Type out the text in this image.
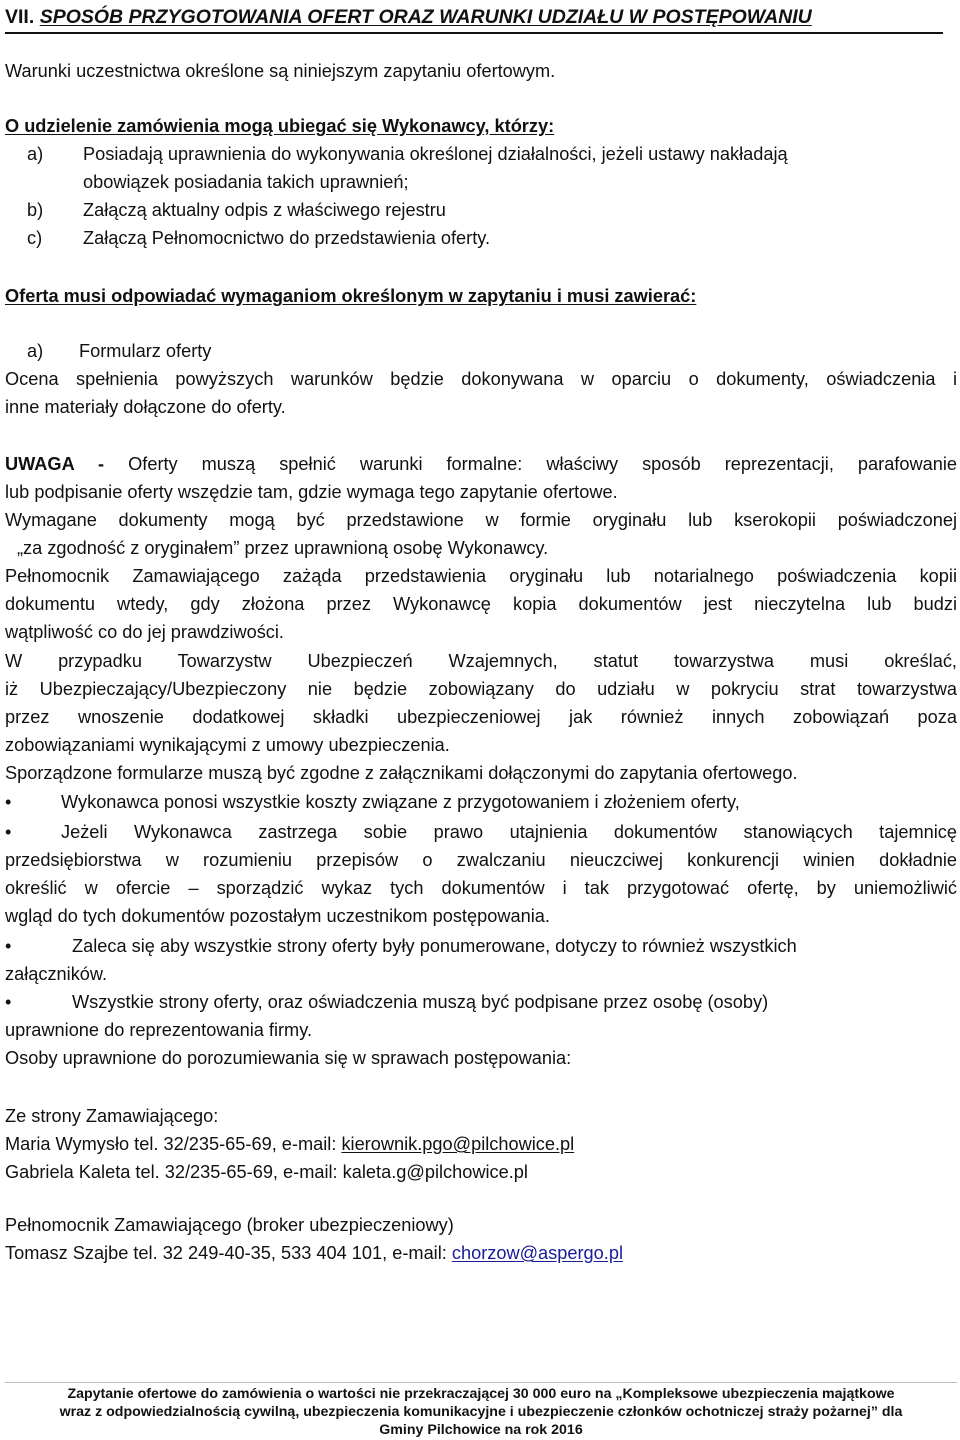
VII. SPOSÓB PRZYGOTOWANIA OFERT ORAZ WARUNKI UDZIAŁU W POSTĘPOWANIU
Warunki uczestnictwa określone są niniejszym zapytaniu ofertowym.
O udzielenie zamówienia mogą ubiegać się Wykonawcy, którzy:
a) Posiadają uprawnienia do wykonywania określonej działalności, jeżeli ustawy nakładają
obowiązek posiadania takich uprawnień;
b) Załączą aktualny odpis z właściwego rejestru
c) Załączą Pełnomocnictwo do przedstawienia oferty.
Oferta musi odpowiadać wymaganiom określonym w zapytaniu i musi zawierać:
a) Formularz oferty
Ocena spełnienia powyższych warunków będzie dokonywana w oparciu o dokumenty, oświadczenia i
inne materiały dołączone do oferty.
UWAGA - Oferty muszą spełnić warunki formalne: właściwy sposób reprezentacji, parafowanie
lub podpisanie oferty wszędzie tam, gdzie wymaga tego zapytanie ofertowe.
Wymagane dokumenty mogą być przedstawione w formie oryginału lub kserokopii poświadczonej
„za zgodność z oryginałem” przez uprawnioną osobę Wykonawcy.
Pełnomocnik Zamawiającego zażąda przedstawienia oryginału lub notarialnego poświadczenia kopii
dokumentu wtedy, gdy złożona przez Wykonawcę kopia dokumentów jest nieczytelna lub budzi
wątpliwość co do jej prawdziwości.
W przypadku Towarzystw Ubezpieczeń Wzajemnych, statut towarzystwa musi określać,
iż Ubezpieczający/Ubezpieczony nie będzie zobowiązany do udziału w pokryciu strat towarzystwa
przez wnoszenie dodatkowej składki ubezpieczeniowej jak również innych zobowiązań poza
zobowiązaniami wynikającymi z umowy ubezpieczenia.
Sporządzone formularze muszą być zgodne z załącznikami dołączonymi do zapytania ofertowego.
•	Wykonawca ponosi wszystkie koszty związane z przygotowaniem i złożeniem oferty,
•	Jeżeli Wykonawca zastrzega sobie prawo utajnienia dokumentów stanowiących tajemnicę
przedsiębiorstwa w rozumieniu przepisów o zwalczaniu nieuczciwej konkurencji winien dokładnie
określić w ofercie – sporządzić wykaz tych dokumentów i tak przygotować ofertę, by uniemożliwić
wgląd do tych dokumentów pozostałym uczestnikom postępowania.
•	Zaleca się aby wszystkie strony oferty były ponumerowane, dotyczy to również wszystkich
załączników.
•	Wszystkie strony oferty, oraz oświadczenia muszą być podpisane przez osobę (osoby)
uprawnione do reprezentowania firmy.
Osoby uprawnione do porozumiewania się w sprawach postępowania:
Ze strony Zamawiającego:
Maria Wymysło tel. 32/235-65-69, e-mail: kierownik.pgo@pilchowice.pl
Gabriela Kaleta tel. 32/235-65-69, e-mail: kaleta.g@pilchowice.pl
Pełnomocnik Zamawiającego (broker ubezpieczeniowy)
Tomasz Szajbe tel. 32 249-40-35, 533 404 101, e-mail: chorzow@aspergo.pl
Zapytanie ofertowe do zamówienia o wartości nie przekraczającej 30 000 euro na „Kompleksowe ubezpieczenia majątkowe
wraz z odpowiedzialnością cywilną, ubezpieczenia komunikacyjne i ubezpieczenie członków ochotniczej straży pożarnej” dla
Gminy Pilchowice na rok 2016
